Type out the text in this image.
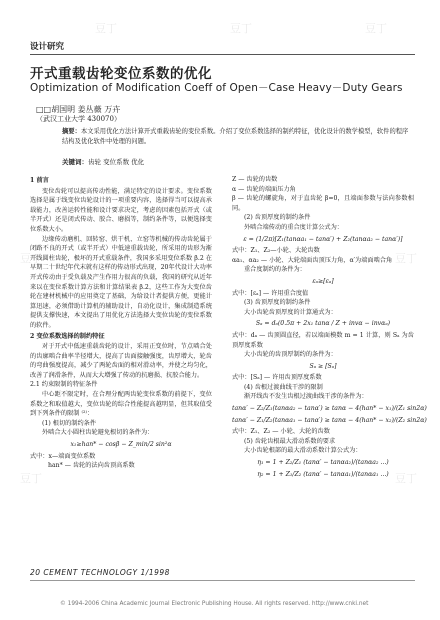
设计研究
开式重载齿轮变位系数的优化
Optimization of Modification Coeff of Open－Case Heavy－Duty Gears
□□胡国明 姜丛薇 万卉
（武汉工业大学 430070）
摘要：本文采用优化方法计算开式重载齿轮的变位系数。介绍了变位系数选择的制约特征，优化设计的数学模型，软件的程序结构及优化软件中处理的问题。
关键词：齿轮 变位系数 优化

1 前言

变位齿轮可以提高传动性能，满足特定的设计要求。变位系数选择是属于线变位齿轮设计的一项重要内容，选择得当可以提高承载能力，改善运转性能和设计要求决定，考虑的因素包括开式（或半开式）还是闭式传动、胶合、磨损等，制约条件等，以便选择变位系数大小。

边缘传动磨机、回转窑、烘干机、立窑等机械的传动齿轮属于闭路不良的开式（或半开式）中低速重载齿轮，所采用的齿形为渐开线圆柱齿轮，极坏的开式重载条件，我国多采用变位系数 β.2 在早期二十世纪年代末就有这样的传动形式出现，20年代设计大功率开式传动由于受负载及产生作用力很高的负载，我国的研究从近年来以在变位系数计算方法和计算结果表 β.2，这些工作为大变位齿轮在建材机械中的应用奠定了基础，为给设计者提供方便，更能计算迅速，必须借助计算机的辅助设计，自动化设计，集成制造系统提供支撑快速，本文提出了用优化方法选择大变位齿轮的变位系数的软件。

2 变位系数选择的制约特征

对于开式中低速重载齿轮的设计，采用正变位时，节点啮合处的齿廓啮合曲率半径增大，提高了齿面接触强度，齿厚增大，轮齿的弯曲强度提高，减少了两轮齿面的相对滑动率，并使之均匀化，改善了润滑条件，从而大大增强了传动的抗磨损、抗胶合能力。

2.1 约束限制的特征条件

中心距不限定时，在合理分配两齿轮变位系数的前提下，变位系数之和取值越大，变位齿轮的综合性能提高越明显，但其取值受到下列条件的限制 ⁽²⁾：

(1) 根切的制约条件

外啮合大小圆柱齿轮避免根切的条件为：

x₁≥han* − cosβ − Z_min/2 sin²α

式中：x—端面变位系数

han* — 齿轮的法向齿顶高系数

Z — 齿轮的齿数

α — 齿轮的端面压力角

β — 齿轮的螺旋角，对于直齿轮 β=0，且端面参数与法向参数相同。

(2) 齿顶厚度的制约条件

外啮合端传动的重合度计算公式为：

ε = (1/2π)[Z₁(tanαa₁ − tanα′) + Z₂(tanαa₂ − tanα′)]

式中：Z₁、Z₂—小轮、大轮齿数

αa₁、αa₂ — 小轮、大轮端面齿顶压力角，α′为端面啮合角

重合度制约的条件为：

εₐ≥[εₐ]

式中：[εₐ] — 许用重合度值

(3) 齿顶厚度的制约条件

大小齿轮齿顶厚度的计算通式为：

Sₐ = dₐ(0.5π + 2x₁ tanα / Z + invα − invαₐ)

式中：dₐ — 齿顶圆直径，若以端面模数 m = 1 计算，则 Sₐ 为齿顶厚度系数

大小齿轮的齿顶厚制约的条件为：

Sₐ ≥ [Sₐ]

式中：[Sₐ] — 许用齿顶厚度系数

(4) 齿根过渡曲线干涉的限制

渐开线齿不发生齿根过渡曲线干涉的条件为：

tanα′ − Z₂/Z₁(tanαa₂ − tanα′) ≥ tanα − 4(han* − x₁)/(Z₁ sin2α)

tanα′ − Z₁/Z₂(tanαa₁ − tanα′) ≥ tanα − 4(han* − x₂)/(Z₂ sin2α)

式中：Z₁、Z₂ — 小轮、大轮的齿数

(5) 齿轮齿根最大滑动系数的要求

大小齿轮根部的最大滑动系数计算公式为：

η₁ = 1 + Z₂/Z₁ (tanα′ − tanαa₂)/(tanαa₂ ...)

η₂ = 1 + Z₁/Z₂ (tanα′ − tanαa₁)/(tanαa₁ ...)

20 CEMENT TECHNOLOGY 1/1998
© 1994-2006 China Academic Journal Electronic Publishing House. All rights reserved. http://www.cnki.net
豆丁	豆丁	豆丁
豆丁	豆丁
豆丁	豆丁
